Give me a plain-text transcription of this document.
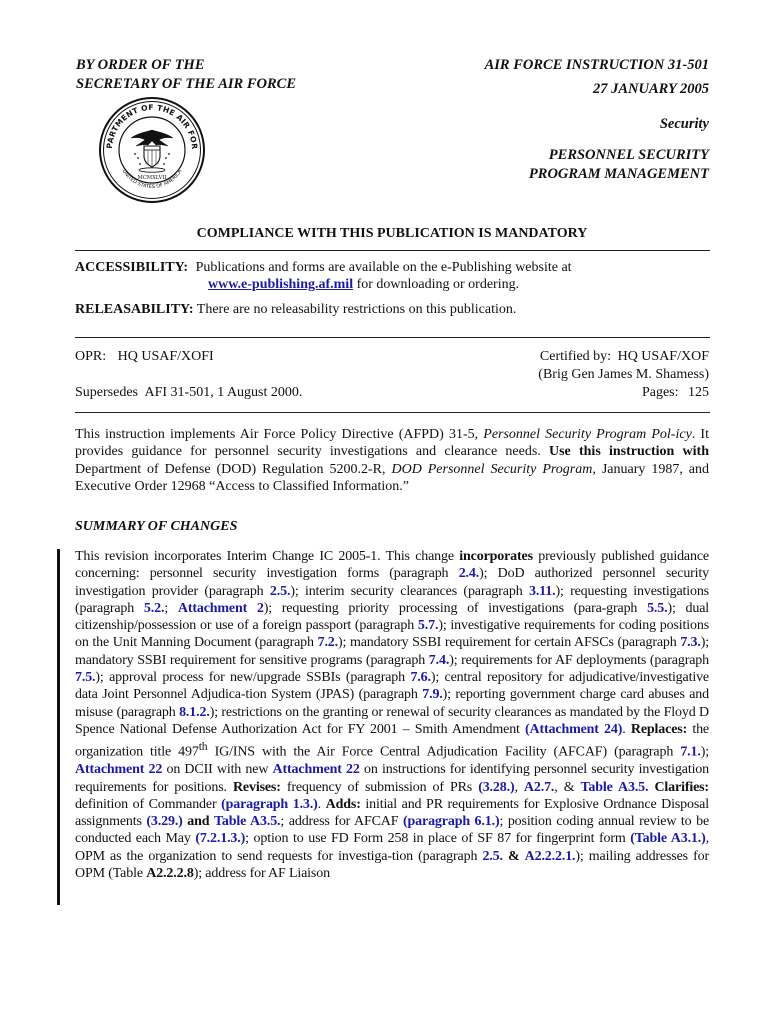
BY ORDER OF THE
SECRETARY OF THE AIR FORCE
AIR FORCE INSTRUCTION 31-501
27 JANUARY 2005
Security
PERSONNEL SECURITY
PROGRAM MANAGEMENT
PARTMENT OF THE AIR FOR
UNITED STATES OF AMERICA
MCMXLVII
COMPLIANCE WITH THIS PUBLICATION IS MANDATORY
ACCESSIBILITY: Publications and forms are available on the e-Publishing website at
www.e-publishing.af.mil for downloading or ordering.
RELEASABILITY: There are no releasability restrictions on this publication.
OPR: HQ USAF/XOFI	Certified by: HQ USAF/XOF
(Brig Gen James M. Shamess)
Supersedes AFI 31-501, 1 August 2000.	Pages: 125
This instruction implements Air Force Policy Directive (AFPD) 31-5, Personnel Security Program Pol-icy. It provides guidance for personnel security investigations and clearance needs. Use this instruction with Department of Defense (DOD) Regulation 5200.2-R, DOD Personnel Security Program, January 1987, and Executive Order 12968 “Access to Classified Information.”
SUMMARY OF CHANGES
This revision incorporates Interim Change IC 2005-1. This change incorporates previously published guidance concerning: personnel security investigation forms (paragraph 2.4.); DoD authorized personnel security investigation provider (paragraph 2.5.); interim security clearances (paragraph 3.11.); requesting investigations (paragraph 5.2.; Attachment 2); requesting priority processing of investigations (para-graph 5.5.); dual citizenship/possession or use of a foreign passport (paragraph 5.7.); investigative requirements for coding positions on the Unit Manning Document (paragraph 7.2.); mandatory SSBI requirement for certain AFSCs (paragraph 7.3.); mandatory SSBI requirement for sensitive programs (paragraph 7.4.); requirements for AF deployments (paragraph 7.5.); approval process for new/upgrade SSBIs (paragraph 7.6.); central repository for adjudicative/investigative data Joint Personnel Adjudica-tion System (JPAS) (paragraph 7.9.); reporting government charge card abuses and misuse (paragraph 8.1.2.); restrictions on the granting or renewal of security clearances as mandated by the Floyd D Spence National Defense Authorization Act for FY 2001 – Smith Amendment (Attachment 24). Replaces: the organization title 497th IG/INS with the Air Force Central Adjudication Facility (AFCAF) (paragraph 7.1.); Attachment 22 on DCII with new Attachment 22 on instructions for identifying personnel security investigation requirements for positions. Revises: frequency of submission of PRs (3.28.), A2.7., & Table A3.5. Clarifies: definition of Commander (paragraph 1.3.). Adds: initial and PR requirements for Explosive Ordnance Disposal assignments (3.29.) and Table A3.5.; address for AFCAF (paragraph 6.1.); position coding annual review to be conducted each May (7.2.1.3.); option to use FD Form 258 in place of SF 87 for fingerprint form (Table A3.1.), OPM as the organization to send requests for investiga-tion (paragraph 2.5. & A2.2.2.1.); mailing addresses for OPM (Table A2.2.2.8); address for AF Liaison
